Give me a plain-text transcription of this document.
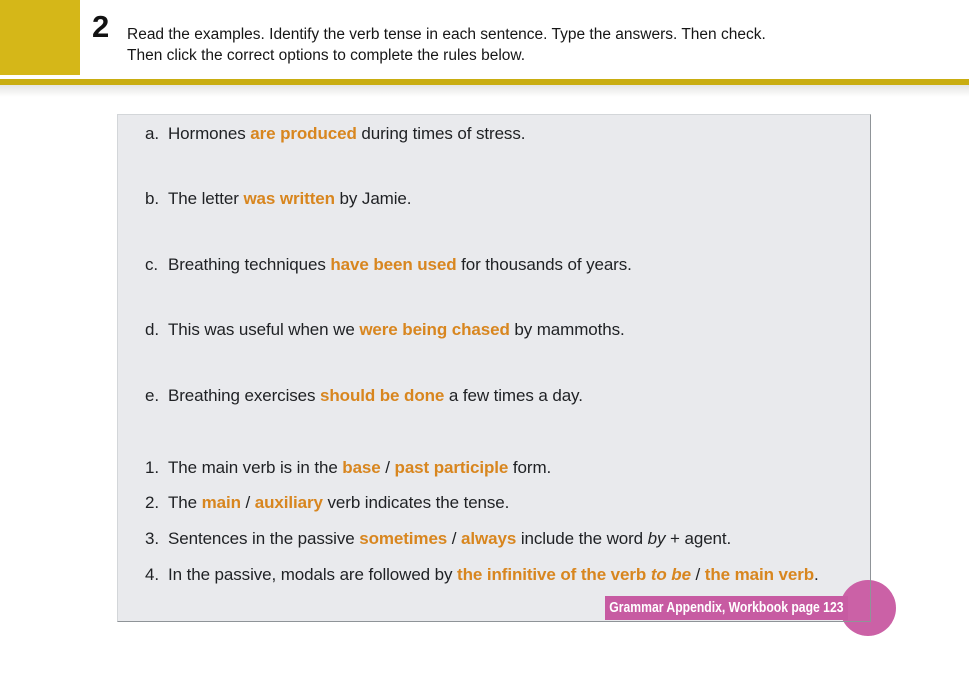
2 Read the examples. Identify the verb tense in each sentence. Type the answers. Then check.
Then click the correct options to complete the rules below.
a. Hormones are produced during times of stress.
b. The letter was written by Jamie.
c. Breathing techniques have been used for thousands of years.
d. This was useful when we were being chased by mammoths.
e. Breathing exercises should be done a few times a day.
1. The main verb is in the base / past participle form.
2. The main / auxiliary verb indicates the tense.
3. Sentences in the passive sometimes / always include the word by + agent.
4. In the passive, modals are followed by the infinitive of the verb to be / the main verb.
Grammar Appendix, Workbook page 123
